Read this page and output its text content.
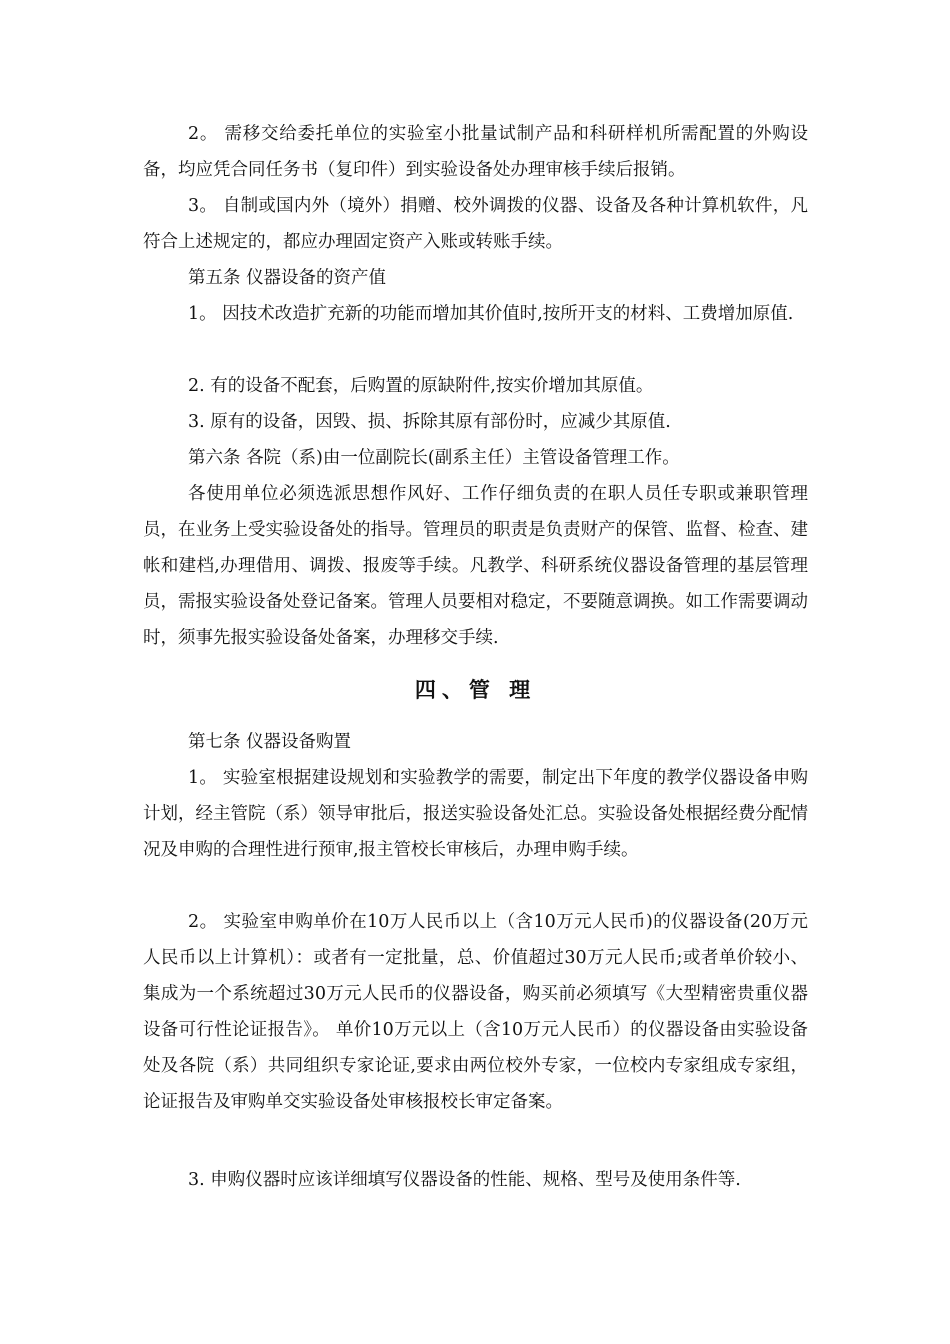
2。 需移交给委托单位的实验室小批量试制产品和科研样机所需配置的外购设备，均应凭合同任务书（复印件）到实验设备处办理审核手续后报销。

3。 自制或国内外（境外）捐赠、校外调拨的仪器、设备及各种计算机软件，凡符合上述规定的，都应办理固定资产入账或转账手续。

第五条 仪器设备的资产值

1。 因技术改造扩充新的功能而增加其价值时,按所开支的材料、工费增加原值.

2. 有的设备不配套，后购置的原缺附件,按实价增加其原值。

3. 原有的设备，因毁、损、拆除其原有部份时，应减少其原值.

第六条 各院（系)由一位副院长(副系主任）主管设备管理工作。

各使用单位必须选派思想作风好、工作仔细负责的在职人员任专职或兼职管理员，在业务上受实验设备处的指导。管理员的职责是负责财产的保管、监督、检查、建帐和建档,办理借用、调拨、报废等手续。凡教学、科研系统仪器设备管理的基层管理员，需报实验设备处登记备案。管理人员要相对稳定，不要随意调换。如工作需要调动时，须事先报实验设备处备案，办理移交手续.

四、管 理

第七条 仪器设备购置

1。 实验室根据建设规划和实验教学的需要，制定出下年度的教学仪器设备申购计划，经主管院（系）领导审批后，报送实验设备处汇总。实验设备处根据经费分配情况及申购的合理性进行预审,报主管校长审核后，办理申购手续。

2。 实验室申购单价在10万人民币以上（含10万元人民币)的仪器设备(20万元人民币以上计算机）：或者有一定批量，总、价值超过30万元人民币;或者单价较小、集成为一个系统超过30万元人民币的仪器设备，购买前必须填写《大型精密贵重仪器设备可行性论证报告》。 单价10万元以上（含10万元人民币）的仪器设备由实验设备处及各院（系）共同组织专家论证,要求由两位校外专家，一位校内专家组成专家组，论证报告及审购单交实验设备处审核报校长审定备案。

3. 申购仪器时应该详细填写仪器设备的性能、规格、型号及使用条件等.
